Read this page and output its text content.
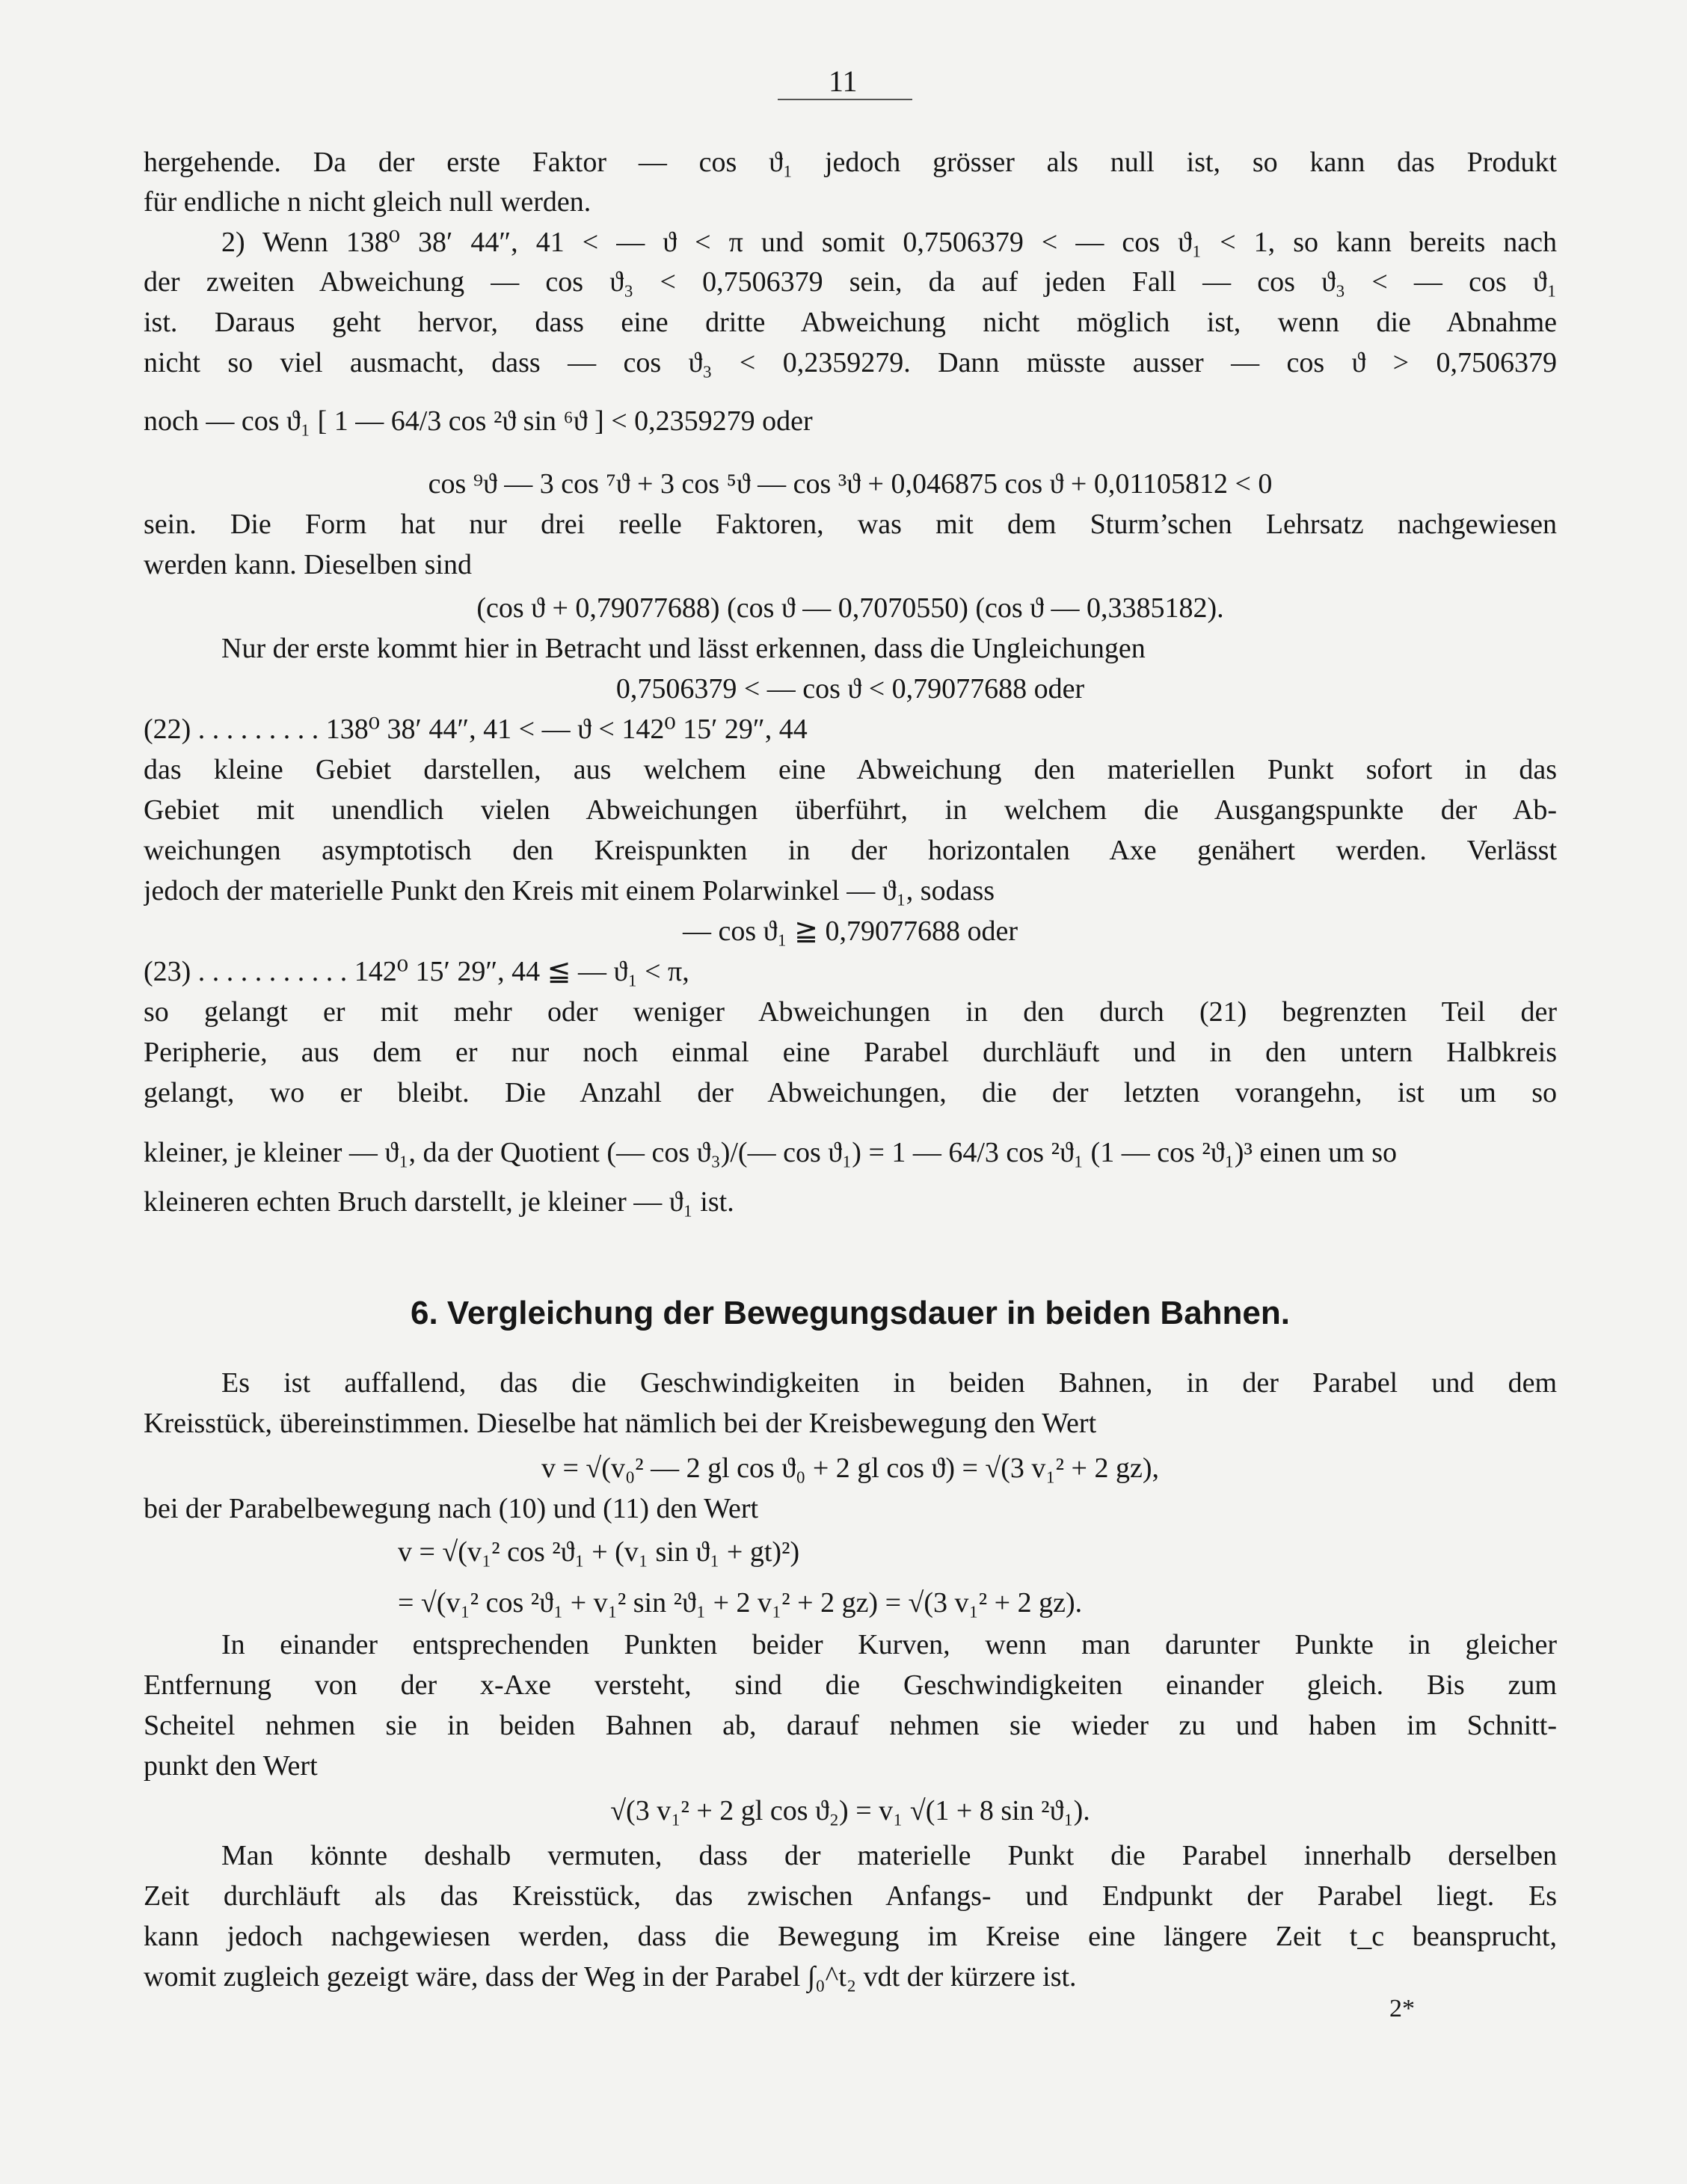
11
hergehende. Da der erste Faktor — cos ϑ₁ jedoch grösser als null ist, so kann das Produkt
für endliche n nicht gleich null werden.
2) Wenn 138⁰ 38′ 44″, 41 < — ϑ < π und somit 0,7506379 < — cos ϑ₁ < 1, so kann bereits nach
der zweiten Abweichung — cos ϑ₃ < 0,7506379 sein, da auf jeden Fall — cos ϑ₃ < — cos ϑ₁
ist. Daraus geht hervor, dass eine dritte Abweichung nicht möglich ist, wenn die Abnahme
nicht so viel ausmacht, dass — cos ϑ₃ < 0,2359279. Dann müsste ausser — cos ϑ > 0,7506379
noch — cos ϑ₁ [ 1 — 64/3 cos ²ϑ sin ⁶ϑ ] < 0,2359279 oder
cos ⁹ϑ — 3 cos ⁷ϑ + 3 cos ⁵ϑ — cos ³ϑ + 0,046875 cos ϑ + 0,01105812 < 0
sein. Die Form hat nur drei reelle Faktoren, was mit dem Sturm’schen Lehrsatz nachgewiesen
werden kann. Dieselben sind
(cos ϑ + 0,79077688) (cos ϑ — 0,7070550) (cos ϑ — 0,3385182).
Nur der erste kommt hier in Betracht und lässt erkennen, dass die Ungleichungen
0,7506379 < — cos ϑ < 0,79077688 oder
(22) . . . . . . . . . 138⁰ 38′ 44″, 41 < — ϑ < 142⁰ 15′ 29″, 44
das kleine Gebiet darstellen, aus welchem eine Abweichung den materiellen Punkt sofort in das
Gebiet mit unendlich vielen Abweichungen überführt, in welchem die Ausgangspunkte der Ab-
weichungen asymptotisch den Kreispunkten in der horizontalen Axe genähert werden. Verlässt
jedoch der materielle Punkt den Kreis mit einem Polarwinkel — ϑ₁, sodass
— cos ϑ₁ ≧ 0,79077688 oder
(23) . . . . . . . . . . . 142⁰ 15′ 29″, 44 ≦ — ϑ₁ < π,
so gelangt er mit mehr oder weniger Abweichungen in den durch (21) begrenzten Teil der
Peripherie, aus dem er nur noch einmal eine Parabel durchläuft und in den untern Halbkreis
gelangt, wo er bleibt. Die Anzahl der Abweichungen, die der letzten vorangehn, ist um so
kleiner, je kleiner — ϑ₁, da der Quotient (— cos ϑ₃)/(— cos ϑ₁) = 1 — 64/3 cos ²ϑ₁ (1 — cos ²ϑ₁)³ einen um so
kleineren echten Bruch darstellt, je kleiner — ϑ₁ ist.
6. Vergleichung der Bewegungsdauer in beiden Bahnen.
Es ist auffallend, das die Geschwindigkeiten in beiden Bahnen, in der Parabel und dem
Kreisstück, übereinstimmen. Dieselbe hat nämlich bei der Kreisbewegung den Wert
v = √(v₀² — 2 gl cos ϑ₀ + 2 gl cos ϑ) = √(3 v₁² + 2 gz),
bei der Parabelbewegung nach (10) und (11) den Wert
v = √(v₁² cos ²ϑ₁ + (v₁ sin ϑ₁ + gt)²)
= √(v₁² cos ²ϑ₁ + v₁² sin ²ϑ₁ + 2 v₁² + 2 gz) = √(3 v₁² + 2 gz).
In einander entsprechenden Punkten beider Kurven, wenn man darunter Punkte in gleicher
Entfernung von der x-Axe versteht, sind die Geschwindigkeiten einander gleich. Bis zum
Scheitel nehmen sie in beiden Bahnen ab, darauf nehmen sie wieder zu und haben im Schnitt-
punkt den Wert
√(3 v₁² + 2 gl cos ϑ₂) = v₁ √(1 + 8 sin ²ϑ₁).
Man könnte deshalb vermuten, dass der materielle Punkt die Parabel innerhalb derselben
Zeit durchläuft als das Kreisstück, das zwischen Anfangs- und Endpunkt der Parabel liegt. Es
kann jedoch nachgewiesen werden, dass die Bewegung im Kreise eine längere Zeit t_c beansprucht,
womit zugleich gezeigt wäre, dass der Weg in der Parabel ∫₀^t₂ vdt der kürzere ist.
2*
